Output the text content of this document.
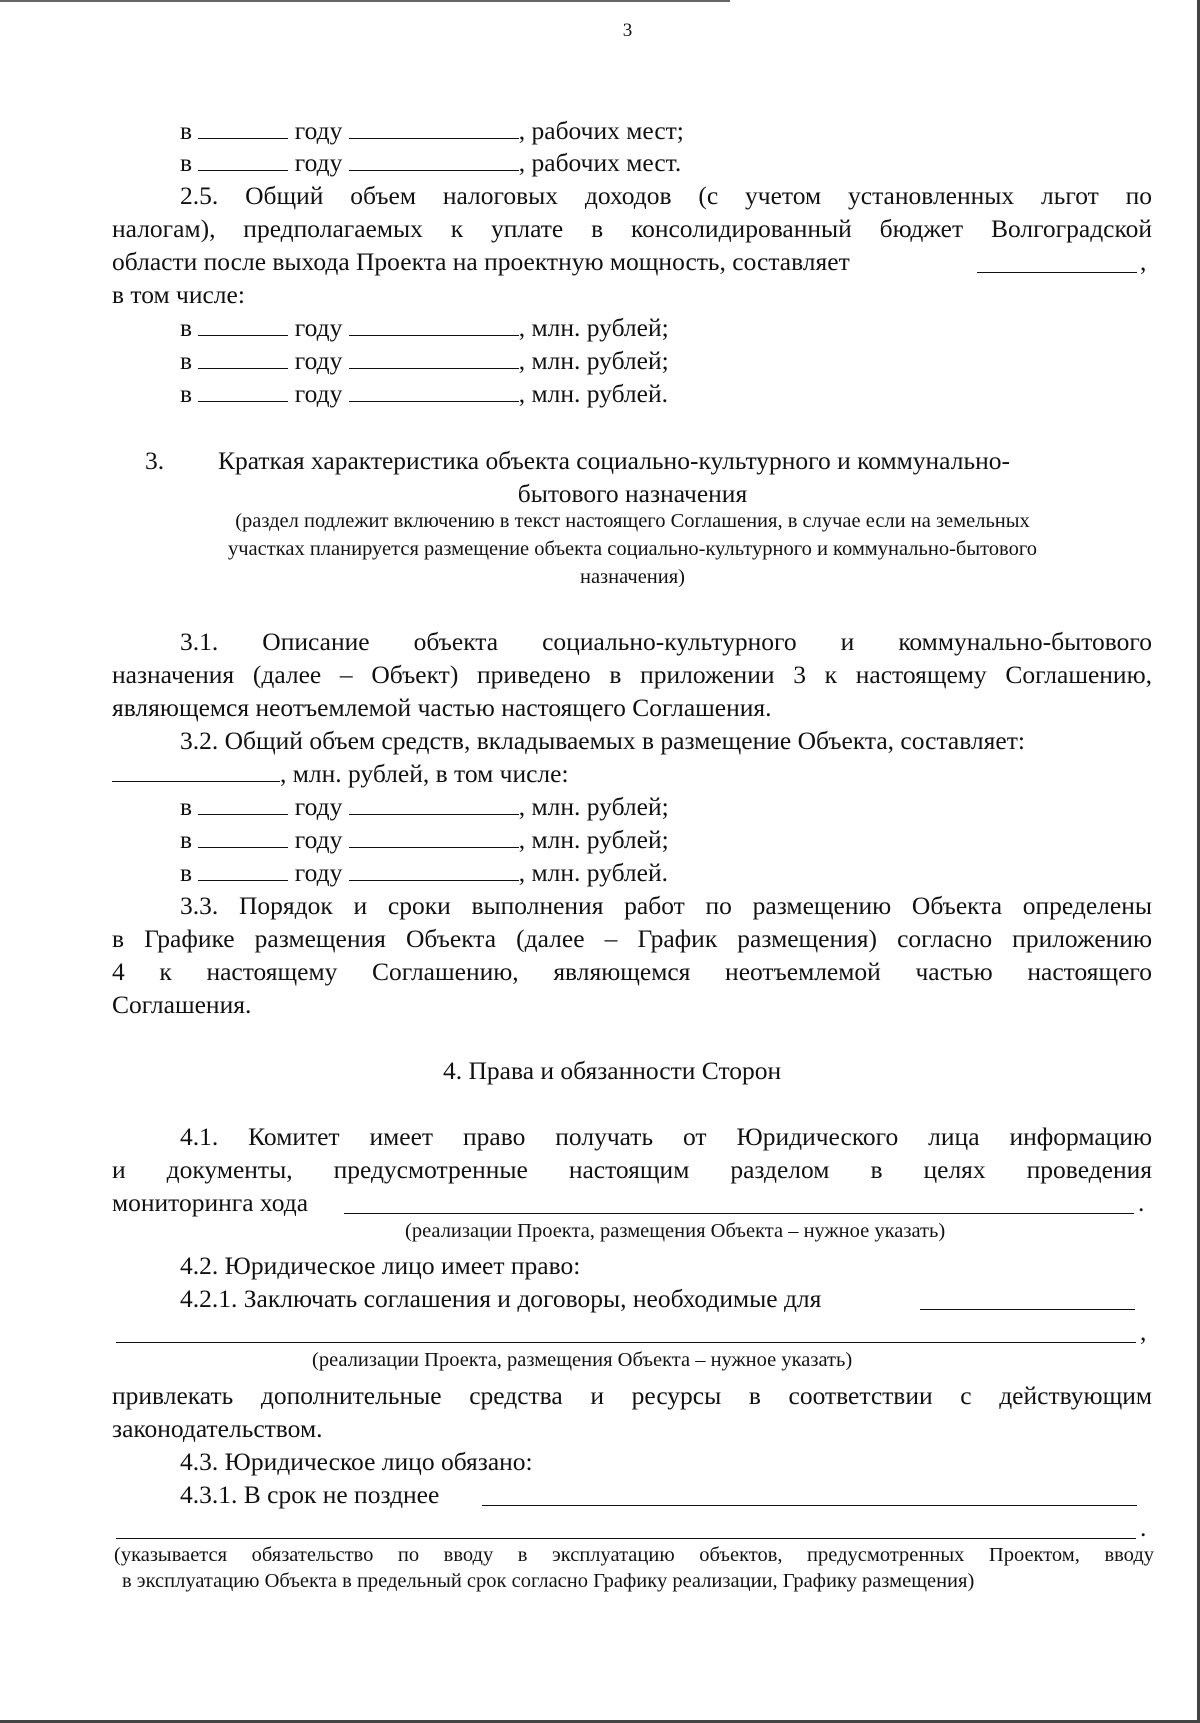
3
в	году	, рабочих мест;
в	году	, рабочих мест.
2.5. Общий объем налоговых доходов (с учетом установленных льгот по
налогам), предполагаемых к уплате в консолидированный бюджет Волгоградской
области после выхода Проекта на проектную мощность, составляет	,
в том числе:
в	году	, млн. рублей;
в	году	, млн. рублей;
в	году	, млн. рублей.
3. Краткая характеристика объекта социально-культурного и коммунально-
бытового назначения
(раздел подлежит включению в текст настоящего Соглашения, в случае если на земельных
участках планируется размещение объекта социально-культурного и коммунально-бытового
назначения)
3.1. Описание объекта социально-культурного и коммунально-бытового
назначения (далее – Объект) приведено в приложении 3 к настоящему Соглашению,
являющемся неотъемлемой частью настоящего Соглашения.
3.2. Общий объем средств, вкладываемых в размещение Объекта, составляет:
, млн. рублей, в том числе:
в	году	, млн. рублей;
в	году	, млн. рублей;
в	году	, млн. рублей.
3.3. Порядок и сроки выполнения работ по размещению Объекта определены
в Графике размещения Объекта (далее – График размещения) согласно приложению
4 к настоящему Соглашению, являющемся неотъемлемой частью настоящего
Соглашения.
4. Права и обязанности Сторон
4.1. Комитет имеет право получать от Юридического лица информацию
и документы, предусмотренные настоящим разделом в целях проведения
мониторинга хода	.
(реализации Проекта, размещения Объекта – нужное указать)
4.2. Юридическое лицо имеет право:
4.2.1. Заключать соглашения и договоры, необходимые для
,
(реализации Проекта, размещения Объекта – нужное указать)
привлекать дополнительные средства и ресурсы в соответствии с действующим
законодательством.
4.3. Юридическое лицо обязано:
4.3.1. В срок не позднее
.
(указывается обязательство по вводу в эксплуатацию объектов, предусмотренных Проектом, вводу
в эксплуатацию Объекта в предельный срок согласно Графику реализации, Графику размещения)
